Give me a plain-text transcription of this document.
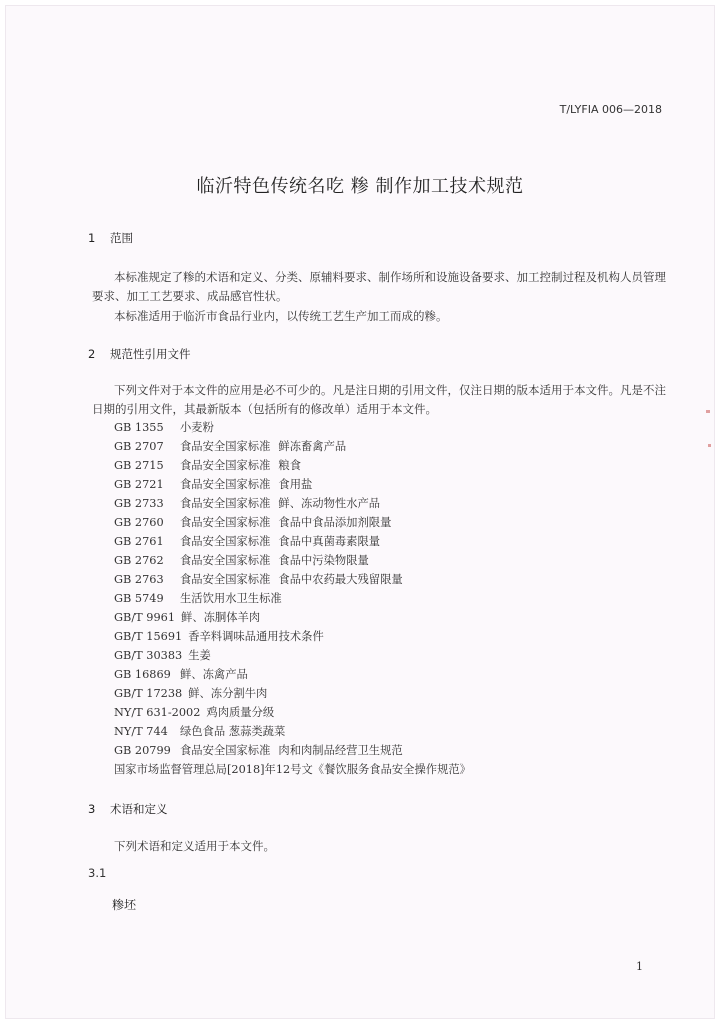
T/LYFIA 006—2018
临沂特色传统名吃 糁 制作加工技术规范
1 范围

本标准规定了糁的术语和定义、分类、原辅料要求、制作场所和设施设备要求、加工控制过程及机构人员管理要求、加工工艺要求、成品感官性状。

本标准适用于临沂市食品行业内，以传统工艺生产加工而成的糁。

2 规范性引用文件

下列文件对于本文件的应用是必不可少的。凡是注日期的引用文件，仅注日期的版本适用于本文件。凡是不注日期的引用文件，其最新版本（包括所有的修改单）适用于本文件。

GB 1355 小麦粉
GB 2707 食品安全国家标准 鲜冻畜禽产品
GB 2715 食品安全国家标准 粮食
GB 2721 食品安全国家标准 食用盐
GB 2733 食品安全国家标准 鲜、冻动物性水产品
GB 2760 食品安全国家标准 食品中食品添加剂限量
GB 2761 食品安全国家标准 食品中真菌毒素限量
GB 2762 食品安全国家标准 食品中污染物限量
GB 2763 食品安全国家标准 食品中农药最大残留限量
GB 5749 生活饮用水卫生标准
GB/T 9961 鲜、冻胴体羊肉
GB/T 15691 香辛料调味品通用技术条件
GB/T 30383 生姜
GB 16869 鲜、冻禽产品
GB/T 17238 鲜、冻分割牛肉
NY/T 631-2002 鸡肉质量分级
NY/T 744 绿色食品 葱蒜类蔬菜
GB 20799 食品安全国家标准 肉和肉制品经营卫生规范
国家市场监督管理总局[2018]年12号文《餐饮服务食品安全操作规范》
3 术语和定义

下列术语和定义适用于本文件。

3.1
糁坯
1
